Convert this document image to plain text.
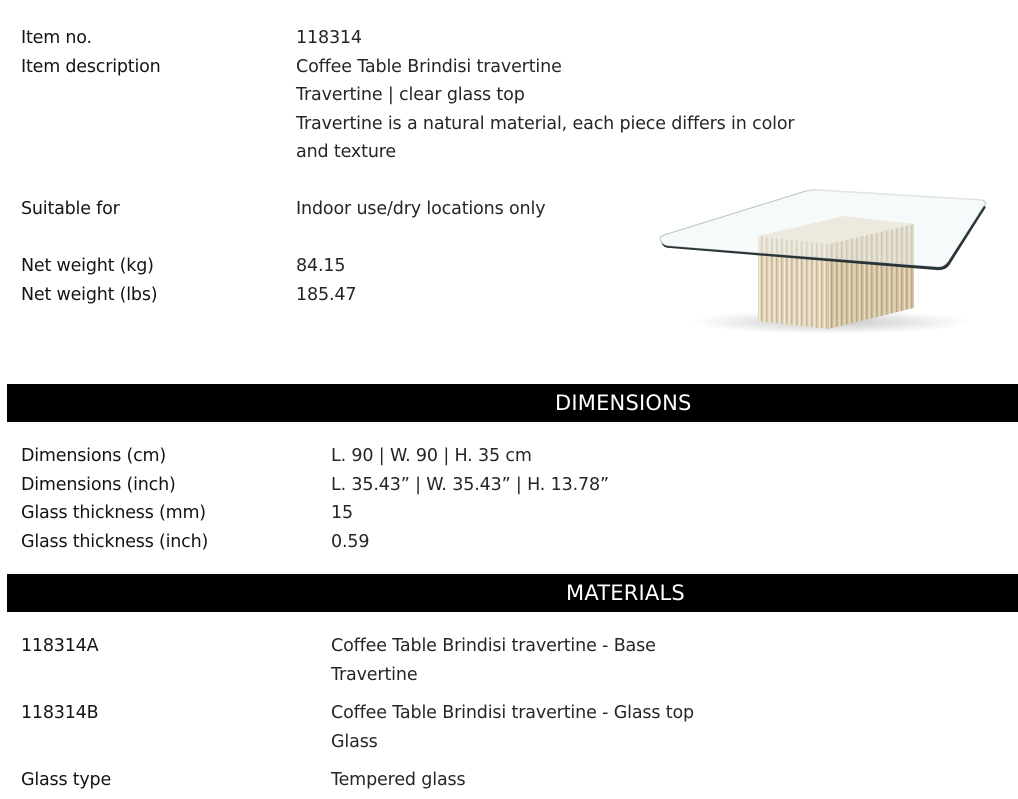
Item no.	118314
Item description	Coffee Table Brindisi travertine
Travertine | clear glass top
Travertine is a natural material, each piece differs in color
and texture
Suitable for	Indoor use/dry locations only
Net weight (kg)	84.15
Net weight (lbs)	185.47
DIMENSIONS
Dimensions (cm)	L. 90 | W. 90 | H. 35 cm
Dimensions (inch)	L. 35.43” | W. 35.43” | H. 13.78”
Glass thickness (mm)	15
Glass thickness (inch)	0.59
MATERIALS
118314A	Coffee Table Brindisi travertine - Base
Travertine
118314B	Coffee Table Brindisi travertine - Glass top
Glass
Glass type	Tempered glass
